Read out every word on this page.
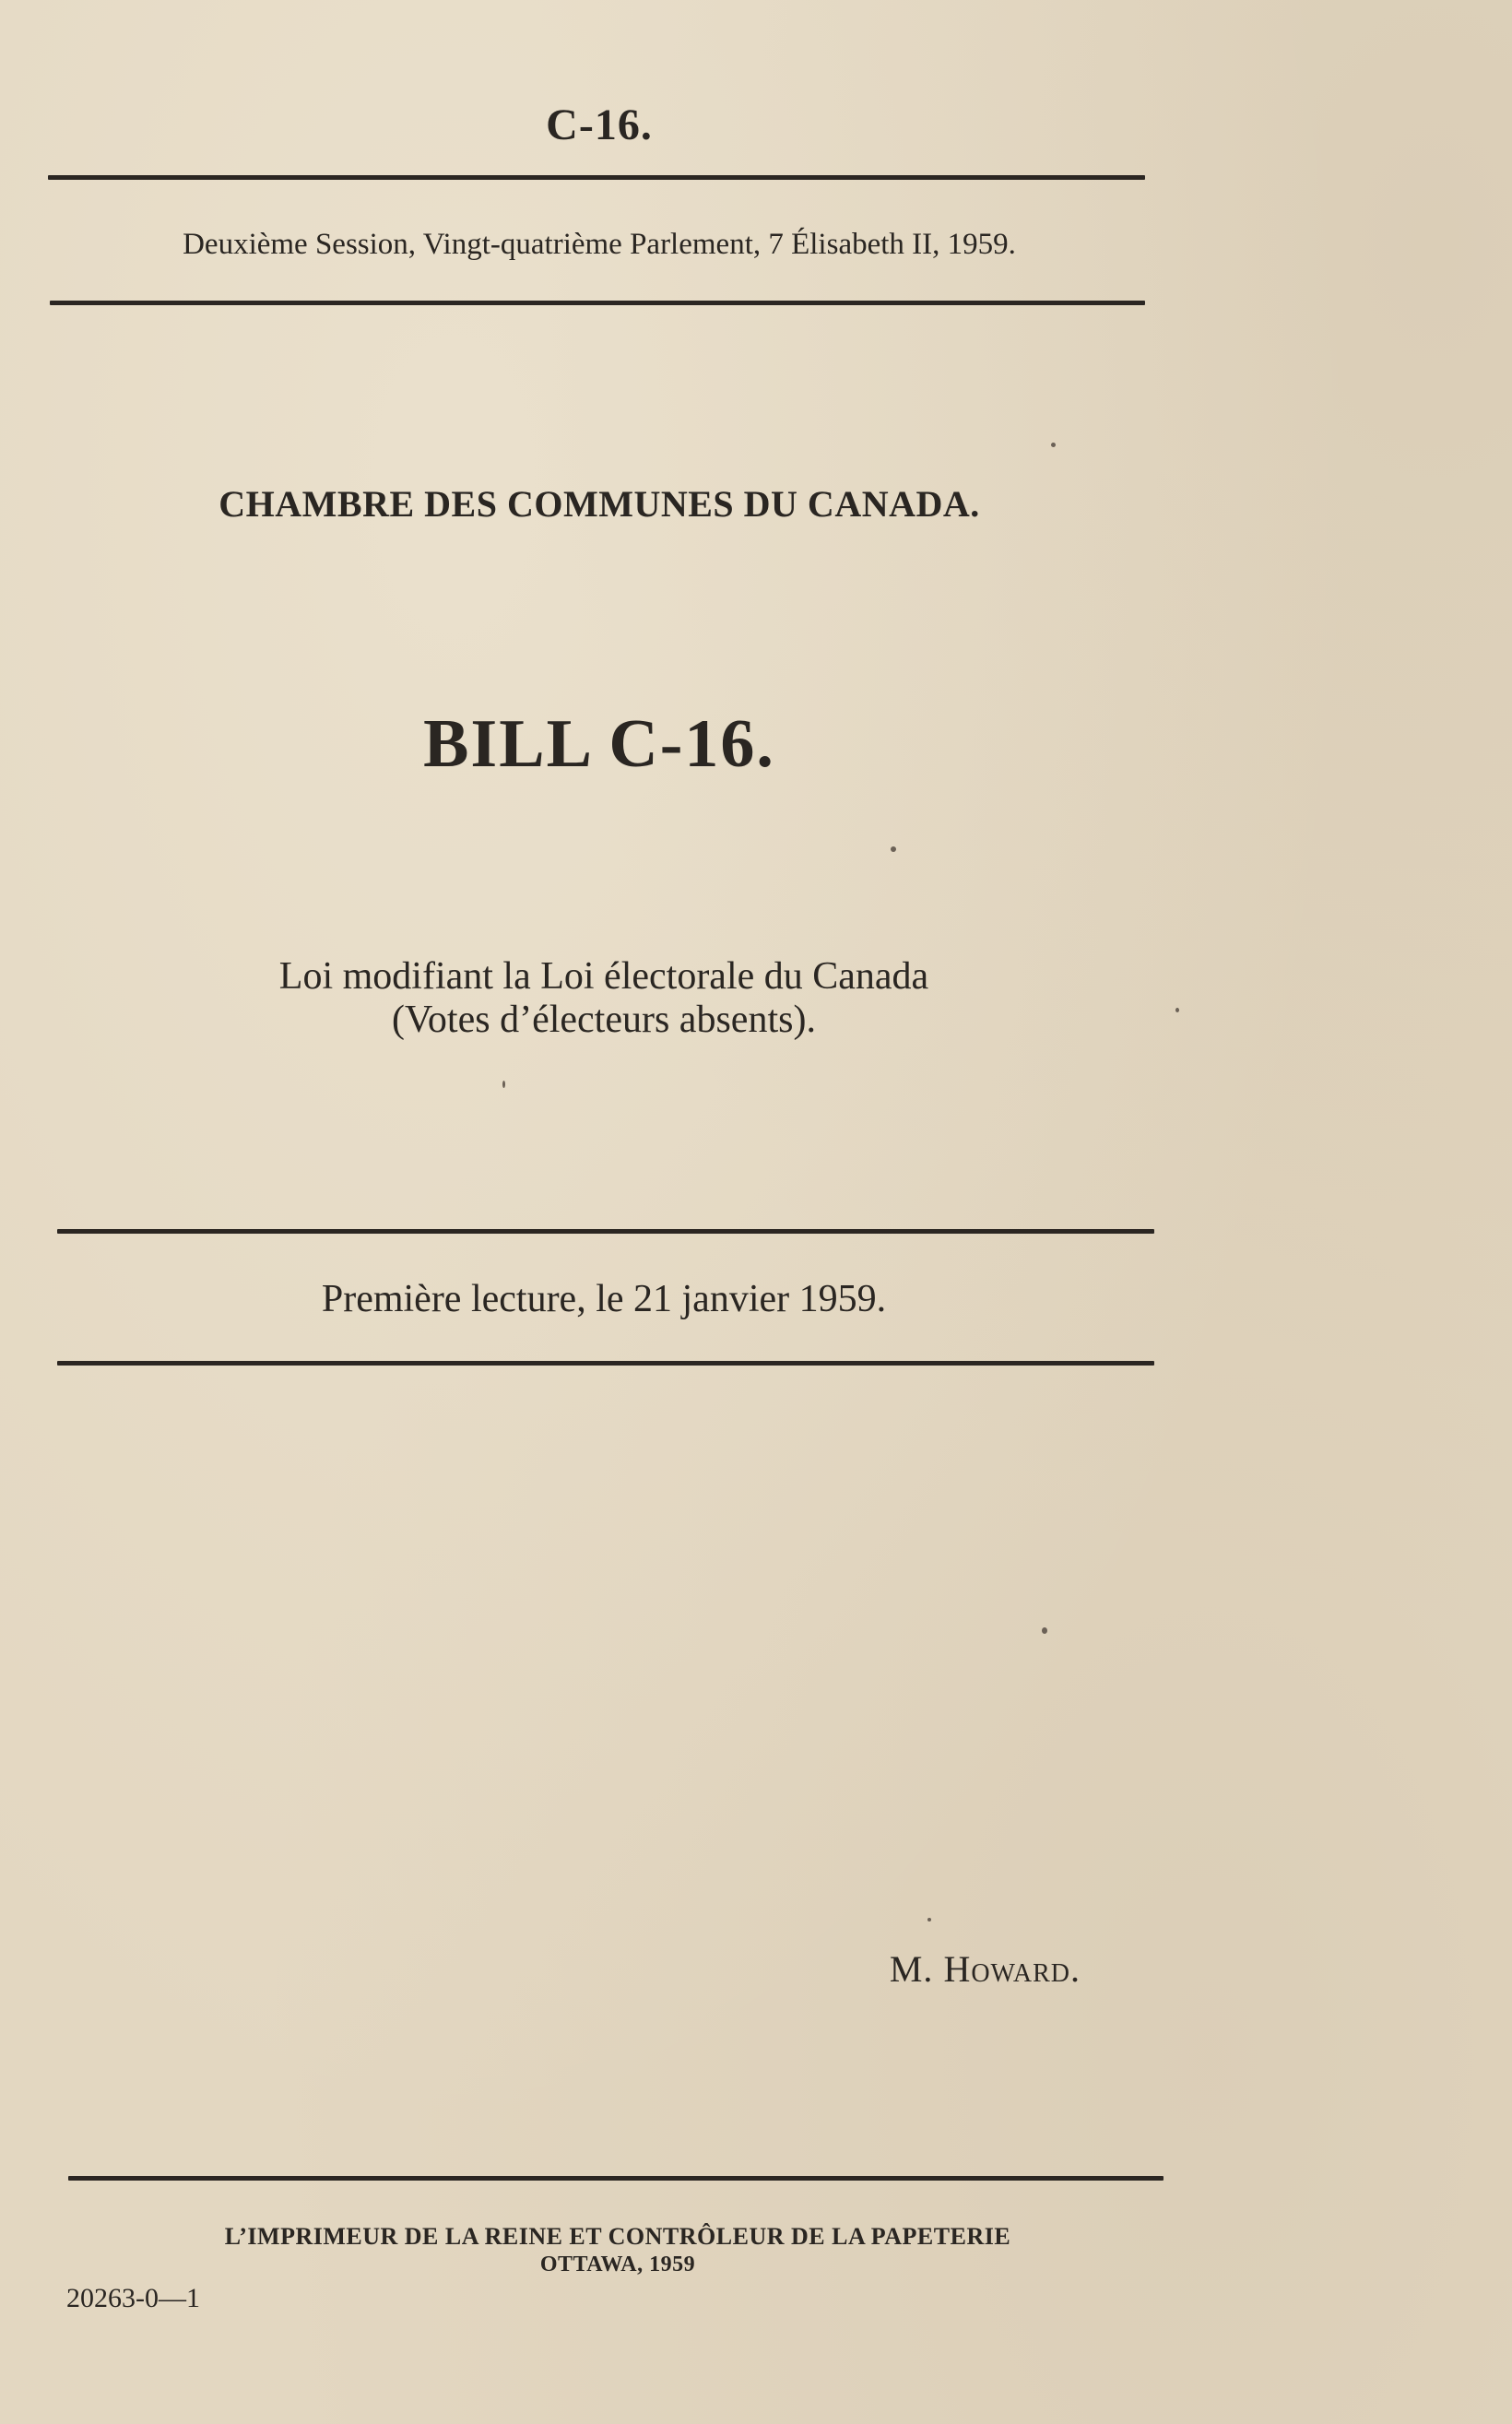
C-16.
Deuxième Session, Vingt-quatrième Parlement, 7 Élisabeth II, 1959.
CHAMBRE DES COMMUNES DU CANADA.
BILL C-16.
Loi modifiant la Loi électorale du Canada
(Votes d’électeurs absents).
Première lecture, le 21 janvier 1959.
M. Howard.
L’IMPRIMEUR DE LA REINE ET CONTRÔLEUR DE LA PAPETERIE
OTTAWA, 1959
20263-0—1
